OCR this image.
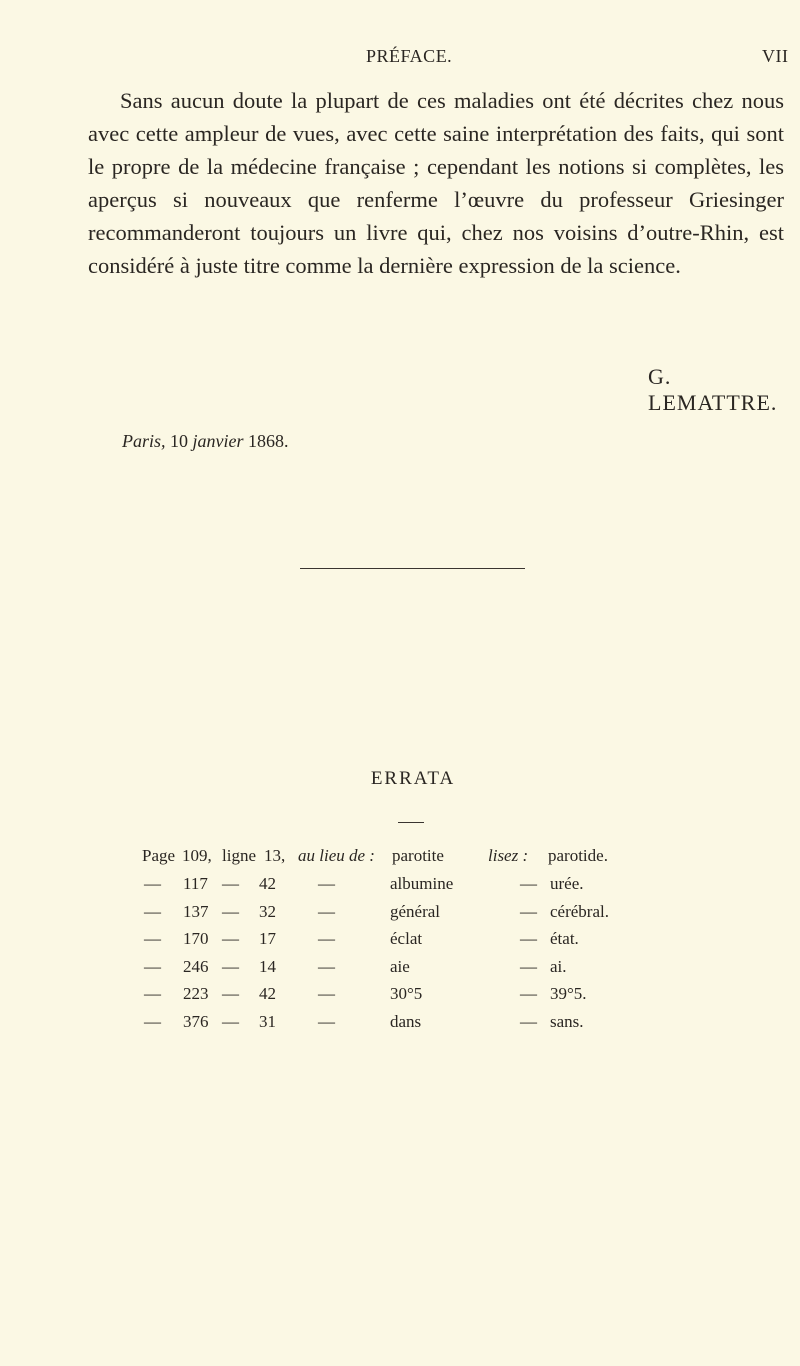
PRÉFACE.	VII

Sans aucun doute la plupart de ces maladies ont été décrites chez nous avec cette ampleur de vues, avec cette saine interprétation des faits, qui sont le propre de la médecine française ; cependant les notions si complètes, les aperçus si nouveaux que renferme l’œuvre du professeur Griesinger recommanderont toujours un livre qui, chez nos voisins d’outre-Rhin, est considéré à juste titre comme la dernière expression de la science.

G. LEMATTRE.
Paris, 10 janvier 1868.
ERRATA
Page 109, ligne 13, au lieu de : parotite	lisez : parotide.
— 117 — 42 —	albumine	— urée.
— 137 — 32 —	général	— cérébral.
— 170 — 17 —	éclat	— état.
— 246 — 14 —	aie	— ai.
— 223 — 42 —	30°5	— 39°5.
— 376 — 31 —	dans	— sans.
